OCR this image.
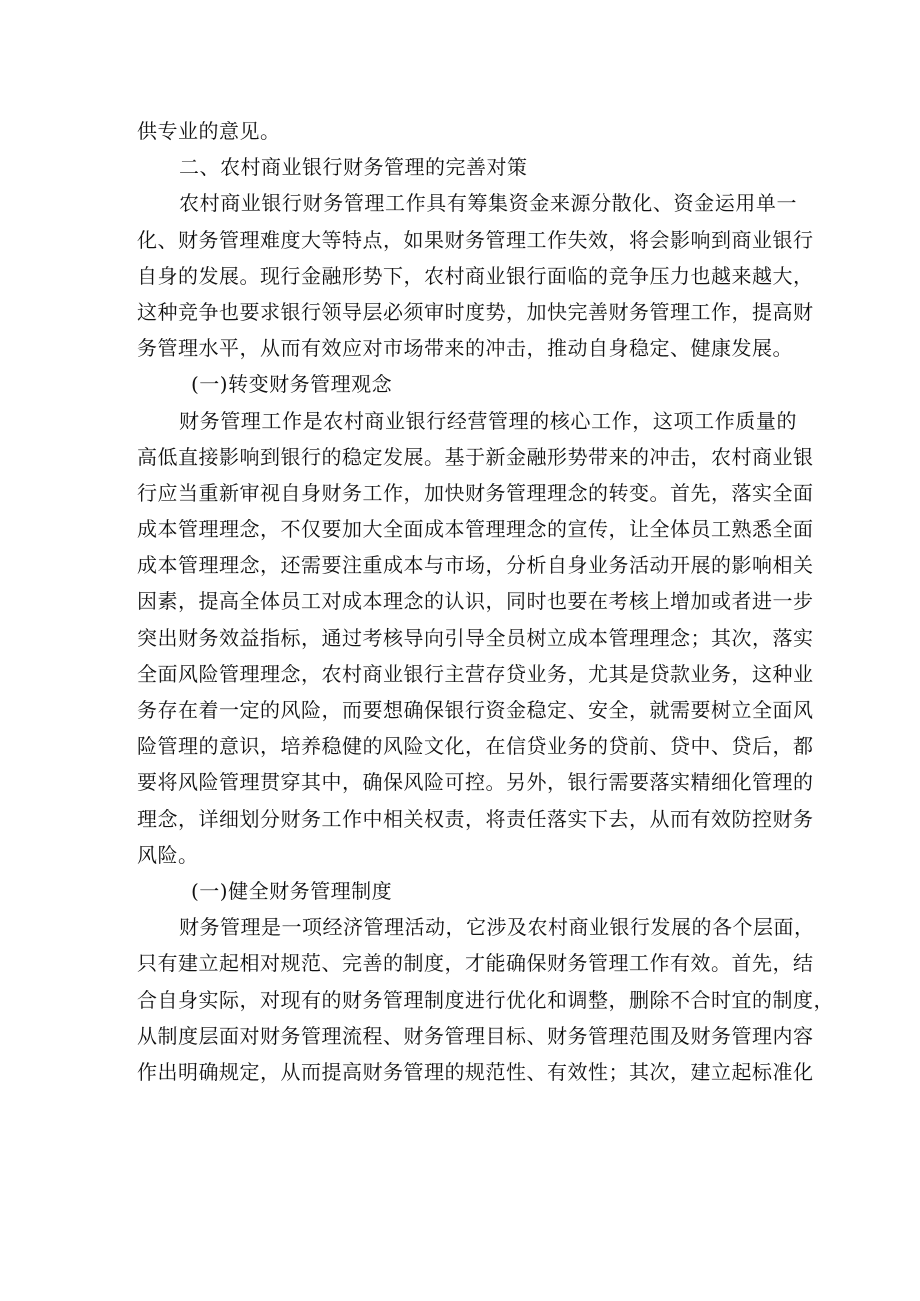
供专业的意见。
二、农村商业银行财务管理的完善对策
农村商业银行财务管理工作具有筹集资金来源分散化、资金运用单一
化、财务管理难度大等特点，如果财务管理工作失效，将会影响到商业银行
自身的发展。现行金融形势下，农村商业银行面临的竞争压力也越来越大，
这种竞争也要求银行领导层必须审时度势，加快完善财务管理工作，提高财
务管理水平，从而有效应对市场带来的冲击，推动自身稳定、健康发展。
(一)转变财务管理观念
财务管理工作是农村商业银行经营管理的核心工作，这项工作质量的
高低直接影响到银行的稳定发展。基于新金融形势带来的冲击，农村商业银
行应当重新审视自身财务工作，加快财务管理理念的转变。首先，落实全面
成本管理理念，不仅要加大全面成本管理理念的宣传，让全体员工熟悉全面
成本管理理念，还需要注重成本与市场，分析自身业务活动开展的影响相关
因素，提高全体员工对成本理念的认识，同时也要在考核上增加或者进一步
突出财务效益指标，通过考核导向引导全员树立成本管理理念；其次，落实
全面风险管理理念，农村商业银行主营存贷业务，尤其是贷款业务，这种业
务存在着一定的风险，而要想确保银行资金稳定、安全，就需要树立全面风
险管理的意识，培养稳健的风险文化，在信贷业务的贷前、贷中、贷后，都
要将风险管理贯穿其中，确保风险可控。另外，银行需要落实精细化管理的
理念，详细划分财务工作中相关权责，将责任落实下去，从而有效防控财务
风险。
(一)健全财务管理制度
财务管理是一项经济管理活动，它涉及农村商业银行发展的各个层面，
只有建立起相对规范、完善的制度，才能确保财务管理工作有效。首先，结
合自身实际，对现有的财务管理制度进行优化和调整，删除不合时宜的制度，
从制度层面对财务管理流程、财务管理目标、财务管理范围及财务管理内容
作出明确规定，从而提高财务管理的规范性、有效性；其次，建立起标准化
